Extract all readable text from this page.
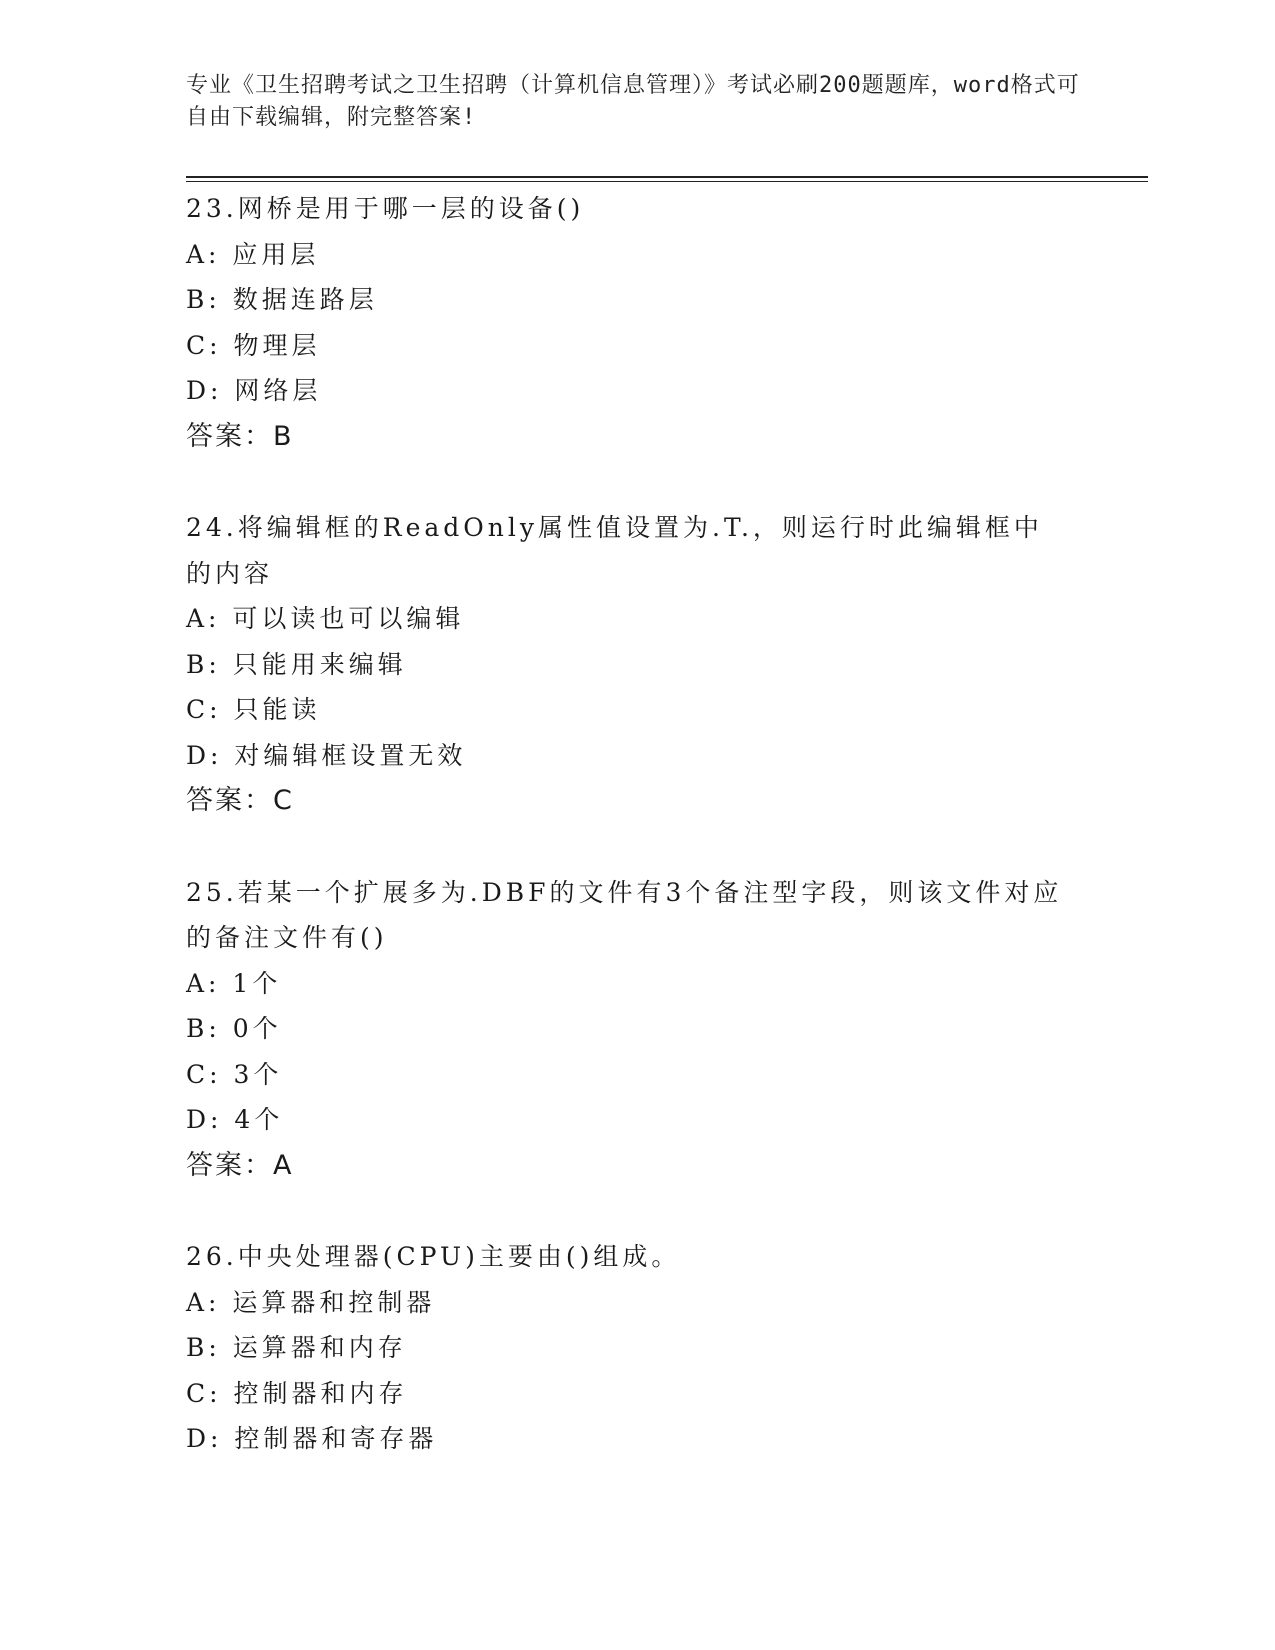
专业《卫生招聘考试之卫生招聘（计算机信息管理）》考试必刷200题题库，word格式可自由下载编辑，附完整答案!
23.网桥是用于哪一层的设备()
A: 应用层
B: 数据连路层
C: 物理层
D: 网络层
答案：B
24.将编辑框的ReadOnly属性值设置为.T.，则运行时此编辑框中的内容
A: 可以读也可以编辑
B: 只能用来编辑
C: 只能读
D: 对编辑框设置无效
答案：C
25.若某一个扩展多为.DBF的文件有3个备注型字段，则该文件对应的备注文件有()
A: 1个
B: 0个
C: 3个
D: 4个
答案：A
26.中央处理器(CPU)主要由()组成。
A: 运算器和控制器
B: 运算器和内存
C: 控制器和内存
D: 控制器和寄存器
